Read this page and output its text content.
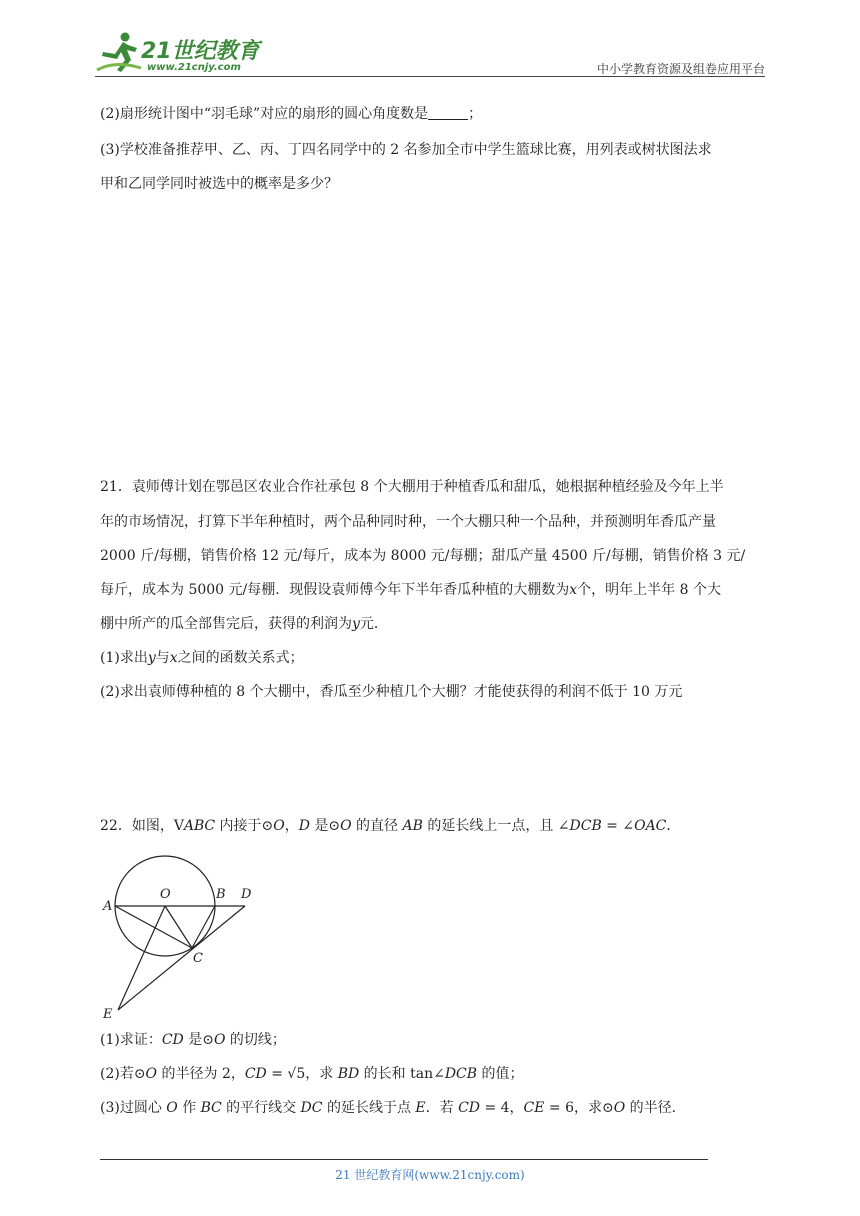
21世纪教育
www.21cnjy.com	中小学教育资源及组卷应用平台
(2)扇形统计图中“羽毛球”对应的扇形的圆心角度数是	；
(3)学校准备推荐甲、乙、丙、丁四名同学中的 2 名参加全市中学生篮球比赛，用列表或树状图法求
甲和乙同学同时被选中的概率是多少？
21．袁师傅计划在鄂邑区农业合作社承包 8 个大棚用于种植香瓜和甜瓜，她根据种植经验及今年上半
年的市场情况，打算下半年种植时，两个品种同时种，一个大棚只种一个品种，并预测明年香瓜产量
2000 斤/每棚，销售价格 12 元/每斤，成本为 8000 元/每棚；甜瓜产量 4500 斤/每棚，销售价格 3 元/
每斤，成本为 5000 元/每棚．现假设袁师傅今年下半年香瓜种植的大棚数为x个，明年上半年 8 个大
棚中所产的瓜全部售完后，获得的利润为y元．
(1)求出y与x之间的函数关系式；
(2)求出袁师傅种植的 8 个大棚中，香瓜至少种植几个大棚？才能使获得的利润不低于 10 万元
22．如图，V𝐴𝐵𝐶 内接于⊙𝑂，𝐷 是⊙𝑂 的直径 𝐴𝐵 的延长线上一点，且 ∠𝐷𝐶𝐵 = ∠𝑂𝐴𝐶．
A
O	B D
C
E
(1)求证：𝐶𝐷 是⊙𝑂 的切线；
(2)若⊙𝑂 的半径为 2，𝐶𝐷 = √5，求 𝐵𝐷 的长和 tan∠𝐷𝐶𝐵 的值；
(3)过圆心 𝑂 作 𝐵𝐶 的平行线交 𝐷𝐶 的延长线于点 𝐸．若 𝐶𝐷 = 4，𝐶𝐸 = 6，求⊙𝑂 的半径．
21 世纪教育网(www.21cnjy.com)
